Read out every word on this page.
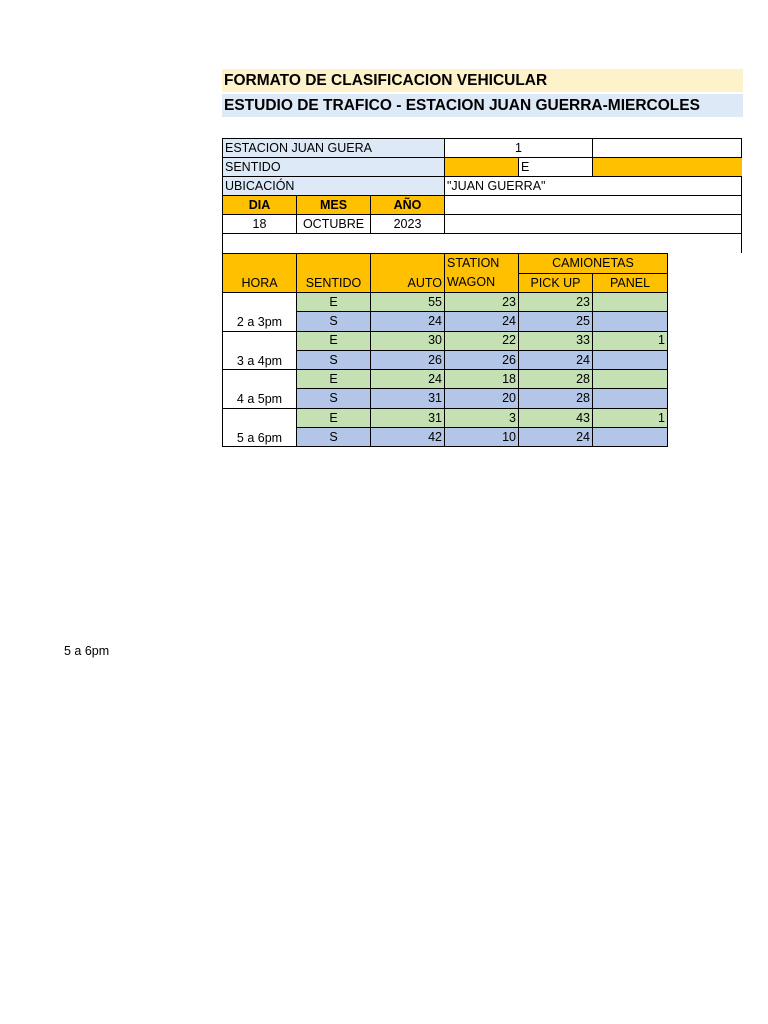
FORMATO DE CLASIFICACION VEHICULAR
ESTUDIO DE TRAFICO - ESTACION JUAN GUERRA-MIERCOLES
ESTACION JUAN GUERA			1		
SENTIDO				E	
UBICACIÓN			"JUAN GUERRA"		
DIA	MES	AÑO			
18	OCTUBRE	2023			

HORA	SENTIDO	AUTO	STATION WAGON	CAMIONETAS	
				PICK UP	PANEL
2 a 3pm	E	55	23	23	
	S	24	24	25	
3 a 4pm	E	30	22	33	1
	S	26	26	24	
4 a 5pm	E	24	18	28	
	S	31	20	28	
5 a 6pm	E	31	3	43	1
	S	42	10	24	
5 a 6pm
